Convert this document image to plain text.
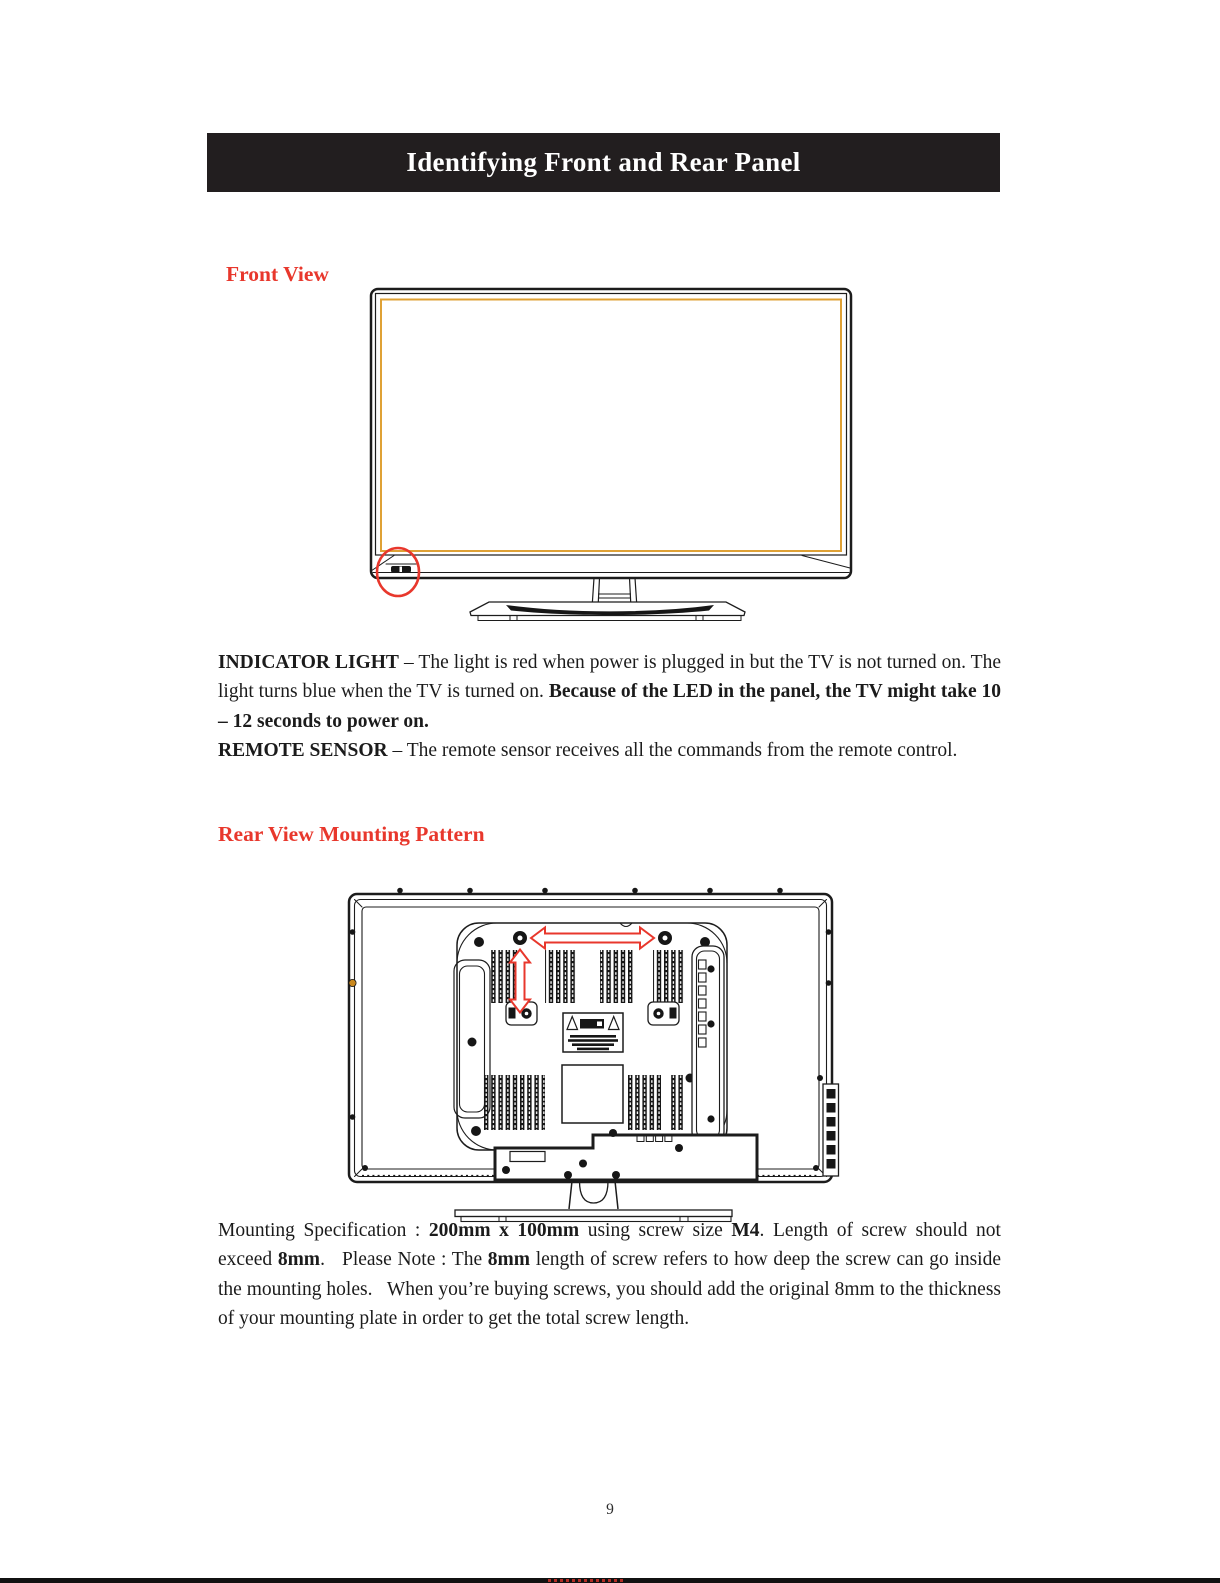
Identifying Front and Rear Panel
Front View

INDICATOR LIGHT – The light is red when power is plugged in but the TV is not turned on. The light turns blue when the TV is turned on. Because of the LED in the panel, the TV might take 10 – 12 seconds to power on.

REMOTE SENSOR – The remote sensor receives all the commands from the remote control.

Rear View Mounting Pattern

Mounting Specification : 200mm x 100mm using screw size M4. Length of screw should not exceed 8mm.   Please Note : The 8mm length of screw refers to how deep the screw can go inside the mounting holes.   When you’re buying screws, you should add the original 8mm to the thickness of your mounting plate in order to get the total screw length.

9
